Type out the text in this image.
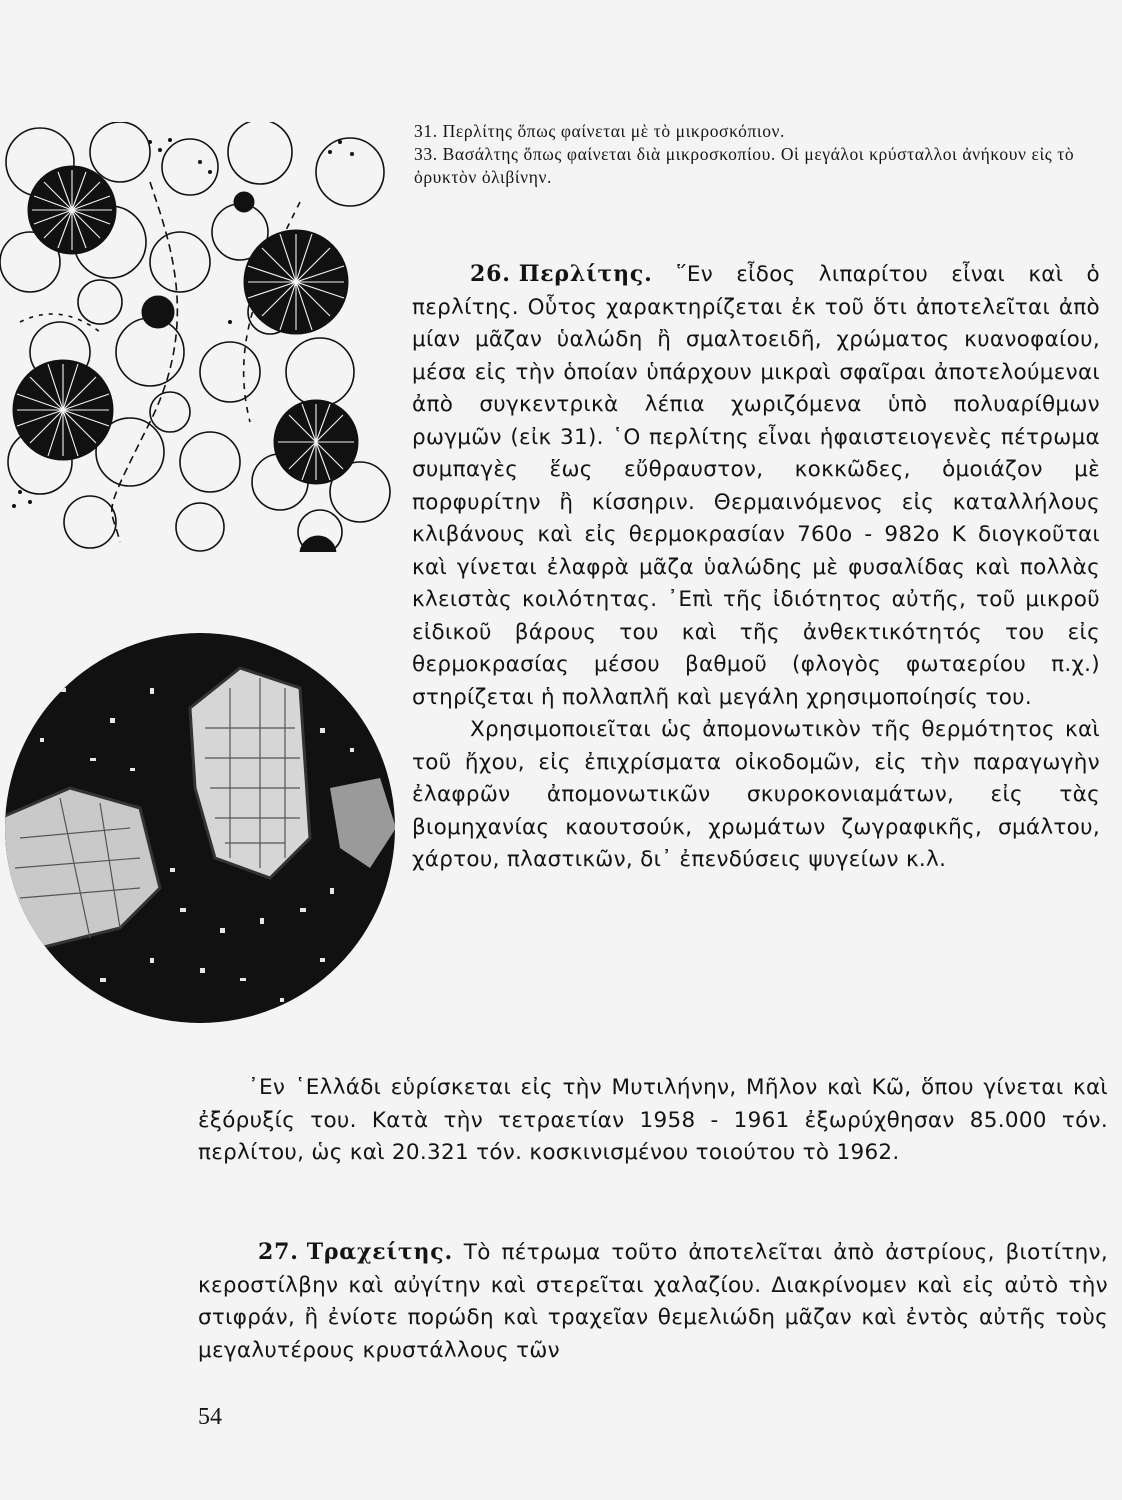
31. Περλίτης ὅπως φαίνεται μὲ τὸ μικροσκόπιον.

33. Βασάλτης ὅπως φαίνεται διὰ μικροσκοπίου. Οἱ μεγάλοι κρύσταλλοι ἀνήκουν εἰς τὸ ὀρυκτὸν ὀλιβίνην.

26. Περλίτης. ῞Εν εἶδος λιπαρίτου εἶναι καὶ ὁ περλίτης. Οὗτος χαρακτηρίζεται ἐκ τοῦ ὅτι ἀποτελεῖται ἀπὸ μίαν μᾶζαν ὑαλώδη ἢ σμαλτοειδῆ, χρώματος κυανοφαίου, μέσα εἰς τὴν ὁποίαν ὑπάρχουν μικραὶ σφαῖραι ἀποτελούμεναι ἀπὸ συγκεντρικὰ λέπια χωριζόμενα ὑπὸ πολυαρίθμων ρωγμῶν (εἰκ 31). ῾Ο περλίτης εἶναι ἡφαιστειογενὲς πέτρωμα συμπαγὲς ἕως εὔθραυστον, κοκκῶδες, ὁμοιάζον μὲ πορφυρίτην ἢ κίσσηριν. Θερμαινόμενος εἰς καταλλήλους κλιβάνους καὶ εἰς θερμοκρασίαν 760ο - 982ο Κ διογκοῦται καὶ γίνεται ἐλαφρὰ μᾶζα ὑαλώδης μὲ φυσαλίδας καὶ πολλὰς κλειστὰς κοιλότητας. ᾽Επὶ τῆς ἰδιότητος αὐτῆς, τοῦ μικροῦ εἰδικοῦ βάρους του καὶ τῆς ἀνθεκτικότητός του εἰς θερμοκρασίας μέσου βαθμοῦ (φλογὸς φωταερίου π.χ.) στηρίζεται ἡ πολλαπλῆ καὶ μεγάλη χρησιμοποίησίς του.

Χρησιμοποιεῖται ὡς ἀπομονωτικὸν τῆς θερμότητος καὶ τοῦ ἤχου, εἰς ἐπιχρίσματα οἰκοδομῶν, εἰς τὴν παραγωγὴν ἐλαφρῶν ἀπομονωτικῶν σκυροκονιαμάτων, εἰς τὰς βιομηχανίας καουτσούκ, χρωμάτων ζωγραφικῆς, σμάλτου, χάρτου, πλαστικῶν, δι᾽ ἐπενδύσεις ψυγείων κ.λ.

᾽Εν ῾Ελλάδι εὑρίσκεται εἰς τὴν Μυτιλήνην, Μῆλον καὶ Κῶ, ὅπου γίνεται καὶ ἐξόρυξίς του. Κατὰ τὴν τετραετίαν 1958 - 1961 ἐξωρύχθησαν 85.000 τόν. περλίτου, ὡς καὶ 20.321 τόν. κοσκινισμένου τοιούτου τὸ 1962.

27. Τραχείτης. Τὸ πέτρωμα τοῦτο ἀποτελεῖται ἀπὸ ἀστρίους, βιοτίτην, κεροστίλβην καὶ αὐγίτην καὶ στερεῖται χαλαζίου. Διακρίνομεν καὶ εἰς αὐτὸ τὴν στιφράν, ἢ ἐνίοτε πορώδη καὶ τραχεῖαν θεμελιώδη μᾶζαν καὶ ἐντὸς αὐτῆς τοὺς μεγαλυτέρους κρυστάλλους τῶν

54
